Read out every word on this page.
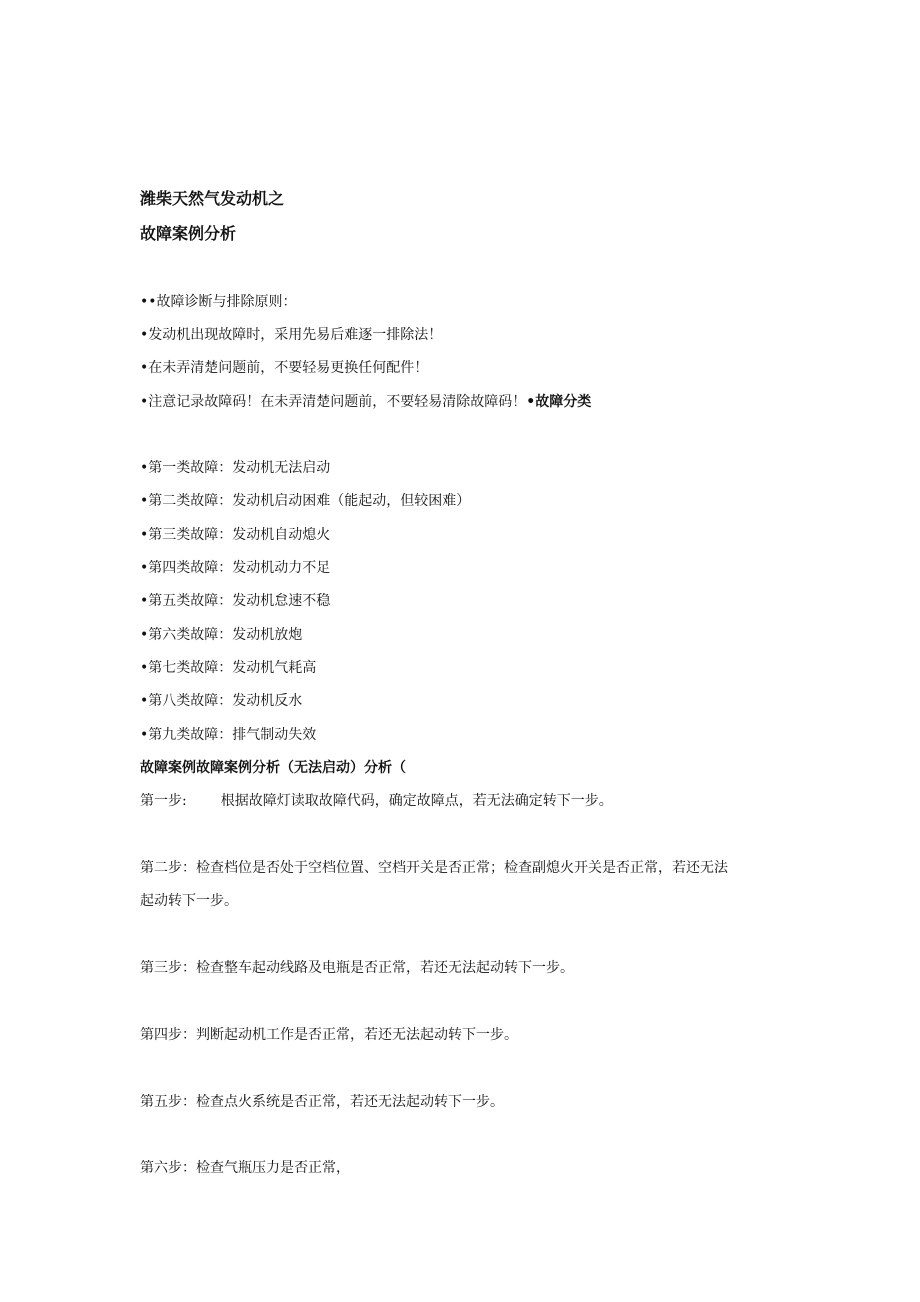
潍柴天然气发动机之
故障案例分析
••故障诊断与排除原则：
•发动机出现故障时，采用先易后难逐一排除法！
•在未弄清楚问题前，不要轻易更换任何配件！
•注意记录故障码！在未弄清楚问题前，不要轻易清除故障码！•故障分类
•第一类故障：发动机无法启动
•第二类故障：发动机启动困难（能起动，但较困难）
•第三类故障：发动机自动熄火
•第四类故障：发动机动力不足
•第五类故障：发动机怠速不稳
•第六类故障：发动机放炮
•第七类故障：发动机气耗高
•第八类故障：发动机反水
•第九类故障：排气制动失效
故障案例故障案例分析（无法启动）分析（
第一步: 根据故障灯读取故障代码，确定故障点，若无法确定转下一步。
第二步：检查档位是否处于空档位置、空档开关是否正常；检查副熄火开关是否正常，若还无法
起动转下一步。
第三步：检查整车起动线路及电瓶是否正常，若还无法起动转下一步。
第四步：判断起动机工作是否正常，若还无法起动转下一步。
第五步：检查点火系统是否正常，若还无法起动转下一步。
第六步：检查气瓶压力是否正常，
